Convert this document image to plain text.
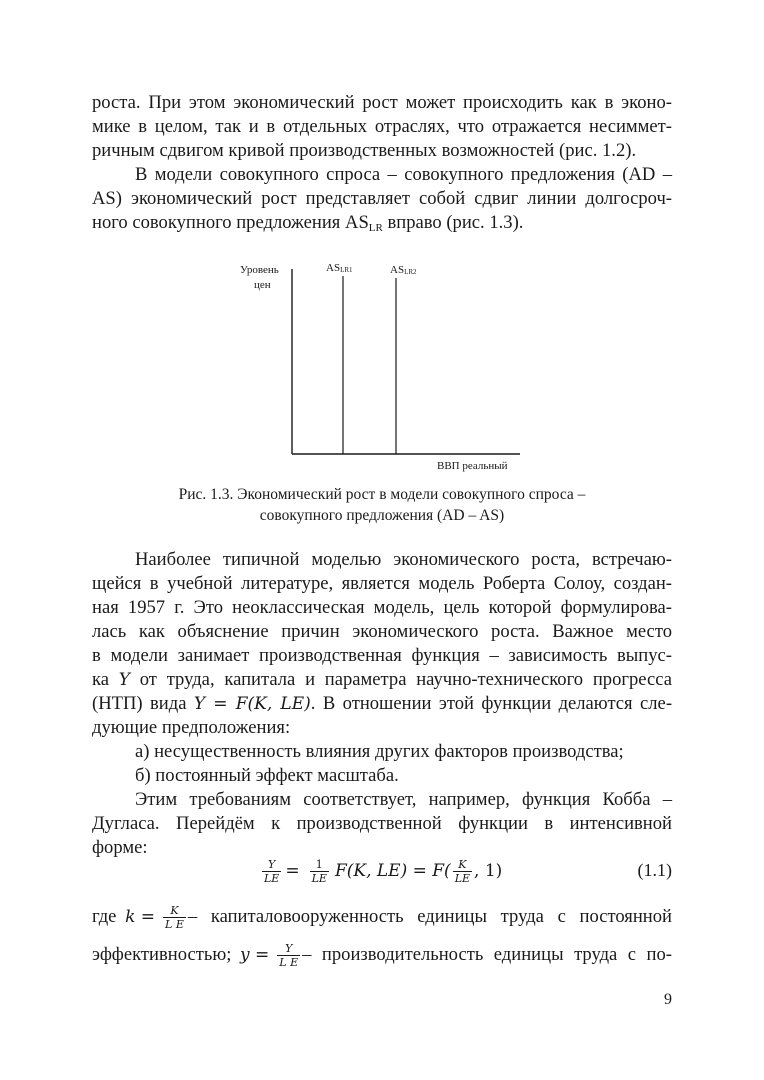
роста. При этом экономический рост может происходить как в эконо-
мике в целом, так и в отдельных отраслях, что отражается несиммет-
ричным сдвигом кривой производственных возможностей (рис. 1.2).
В модели совокупного спроса – совокупного предложения (AD –
AS) экономический рост представляет собой сдвиг линии долгосроч-
ного совокупного предложения $AS_{LR}$ вправо (рис. 1.3).
Уровень
цен
ASLR1	ASLR2
ВВП реальный
Рис. 1.3. Экономический рост в модели совокупного спроса –
совокупного предложения (AD – AS)
Наиболее типичной моделью экономического роста, встречаю-
щейся в учебной литературе, является модель Роберта Солоу, создан-
ная 1957 г. Это неоклассическая модель, цель которой формулирова-
лась как объяснение причин экономического роста. Важное место
в модели занимает производственная функция – зависимость выпус-
ка Y от труда, капитала и параметра научно-технического прогресса
(НТП) вида Y = F(K, LE). В отношении этой функции делаются сле-
дующие предположения:
а) несущественность влияния других факторов производства;
б) постоянный эффект масштаба.
Этим требованиям соответствует, например, функция Кобба –
Дугласа. Перейдём к производственной функции в интенсивной
форме:
$\frac{Y}{LE} = \frac{1}{LE} F(K$, $LE) = F( \frac{K}{LE}$ , 1)	(1.1)
где $k = \frac{K}{\text{L E}}$ – капиталовооруженность единицы труда с постоянной
эффективностью; $y = \frac{Y}{\text{L E}}$ – производительность единицы труда с по-
9
